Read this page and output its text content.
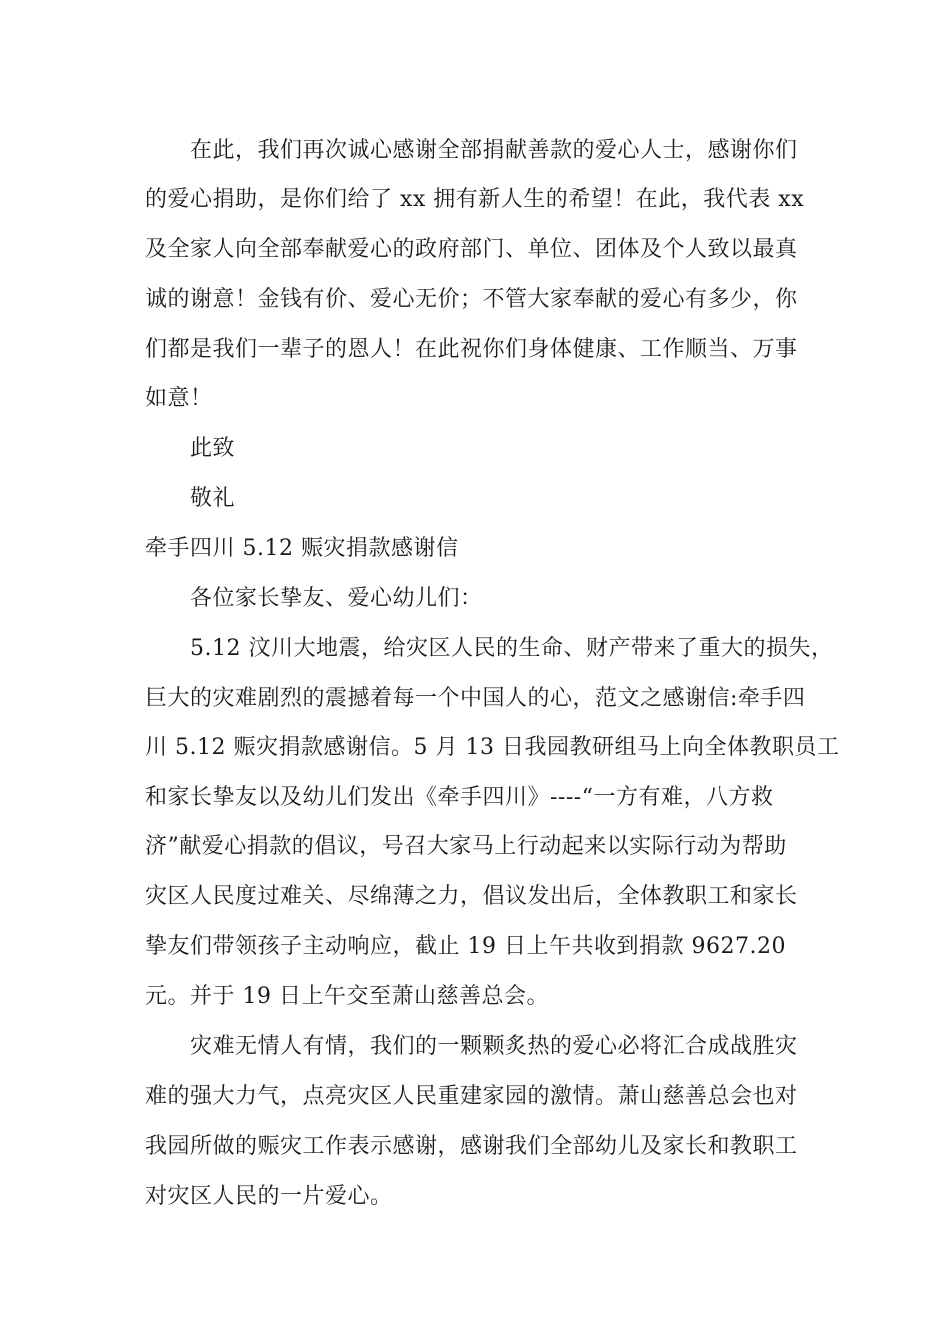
在此，我们再次诚心感谢全部捐献善款的爱心人士，感谢你们
的爱心捐助，是你们给了 xx 拥有新人生的希望！在此，我代表 xx
及全家人向全部奉献爱心的政府部门、单位、团体及个人致以最真
诚的谢意！金钱有价、爱心无价；不管大家奉献的爱心有多少，你
们都是我们一辈子的恩人！在此祝你们身体健康、工作顺当、万事
如意！
此致
敬礼
牵手四川 5.12 赈灾捐款感谢信
各位家长挚友、爱心幼儿们：
5.12 汶川大地震，给灾区人民的生命、财产带来了重大的损失，
巨大的灾难剧烈的震撼着每一个中国人的心，范文之感谢信:牵手四
川 5.12 赈灾捐款感谢信。5 月 13 日我园教研组马上向全体教职员工
和家长挚友以及幼儿们发出《牵手四川》----“一方有难，八方救
济”献爱心捐款的倡议，号召大家马上行动起来以实际行动为帮助
灾区人民度过难关、尽绵薄之力，倡议发出后，全体教职工和家长
挚友们带领孩子主动响应，截止 19 日上午共收到捐款 9627.20
元。并于 19 日上午交至萧山慈善总会。
灾难无情人有情，我们的一颗颗炙热的爱心必将汇合成战胜灾
难的强大力气，点亮灾区人民重建家园的激情。萧山慈善总会也对
我园所做的赈灾工作表示感谢，感谢我们全部幼儿及家长和教职工
对灾区人民的一片爱心。
